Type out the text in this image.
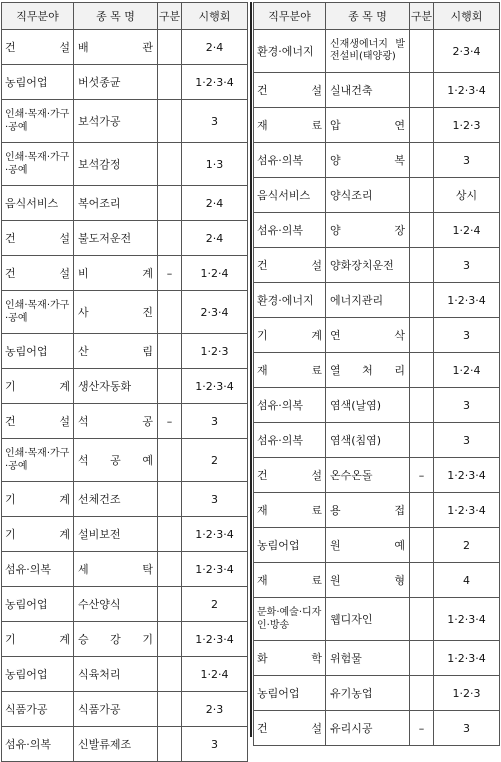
직무분야	종 목 명	구분	시행회
건 설	배 관		2·4
농림어업	버섯종균		1·2·3·4
인쇄·목재·가구·공예	보석가공		3
인쇄·목재·가구·공예	보석감정		1·3
음식서비스	복어조리		2·4
건 설	불도저운전		2·4
건 설	비 계	–	1·2·4
인쇄·목재·가구·공예	사 진		2·3·4
농림어업	산 림		1·2·3
기 계	생산자동화		1·2·3·4
건 설	석 공	–	3
인쇄·목재·가구·공예	석 공 예		2
기 계	선체건조		3
기 계	설비보전		1·2·3·4
섬유·의복	세 탁		1·2·3·4
농림어업	수산양식		2
기 계	승 강 기		1·2·3·4
농림어업	식육처리		1·2·4
식품가공	식품가공		2·3
섬유·의복	신발류제조		3
직무분야	종 목 명	구분	시행회
환경·에너지	신재생에너지 발전설비(태양광)		2·3·4
건 설	실내건축		1·2·3·4
재 료	압 연		1·2·3
섬유·의복	양 복		3
음식서비스	양식조리		상시
섬유·의복	양 장		1·2·4
건 설	양화장치운전		3
환경·에너지	에너지관리		1·2·3·4
기 계	연 삭		3
재 료	열 처 리		1·2·4
섬유·의복	염색(날염)		3
섬유·의복	염색(침염)		3
건 설	온수온돌	–	1·2·3·4
재 료	용 접		1·2·3·4
농림어업	원 예		2
재 료	원 형		4
문화·예술·디자인·방송	웹디자인		1·2·3·4
화 학	위험물		1·2·3·4
농림어업	유기농업		1·2·3
건 설	유리시공	–	3
